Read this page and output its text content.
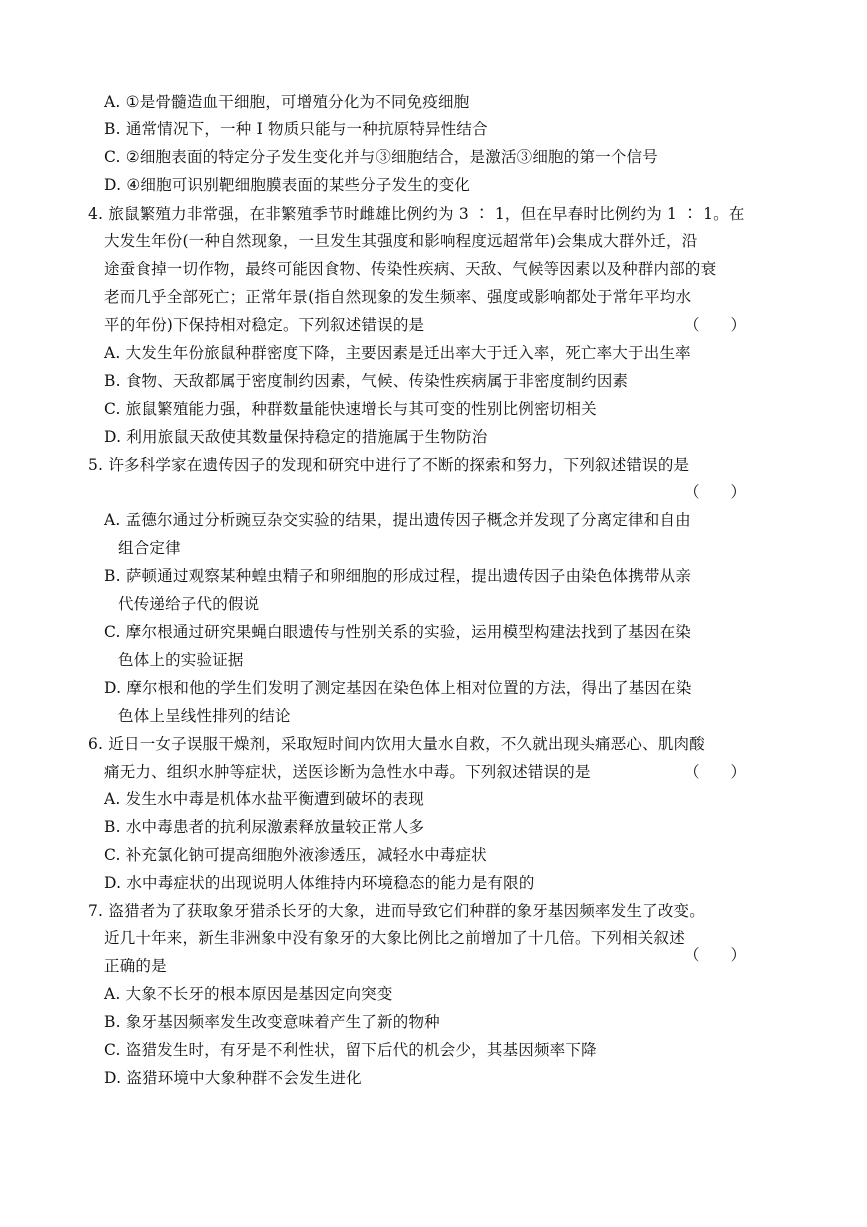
A. ①是骨髓造血干细胞，可增殖分化为不同免疫细胞
B. 通常情况下，一种 I 物质只能与一种抗原特异性结合
C. ②细胞表面的特定分子发生变化并与③细胞结合，是激活③细胞的第一个信号
D. ④细胞可识别靶细胞膜表面的某些分子发生的变化
4. 旅鼠繁殖力非常强，在非繁殖季节时雌雄比例约为 3 ∶ 1，但在早春时比例约为 1 ∶ 1。在
大发生年份(一种自然现象，一旦发生其强度和影响程度远超常年)会集成大群外迁，沿
途蚕食掉一切作物，最终可能因食物、传染性疾病、天敌、气候等因素以及种群内部的衰
老而几乎全部死亡；正常年景(指自然现象的发生频率、强度或影响都处于常年平均水
平的年份)下保持相对稳定。下列叙述错误的是	（　　）
A. 大发生年份旅鼠种群密度下降，主要因素是迁出率大于迁入率，死亡率大于出生率
B. 食物、天敌都属于密度制约因素，气候、传染性疾病属于非密度制约因素
C. 旅鼠繁殖能力强，种群数量能快速增长与其可变的性别比例密切相关
D. 利用旅鼠天敌使其数量保持稳定的措施属于生物防治
5. 许多科学家在遗传因子的发现和研究中进行了不断的探索和努力，下列叙述错误的是
（　　）
A. 孟德尔通过分析豌豆杂交实验的结果，提出遗传因子概念并发现了分离定律和自由
组合定律
B. 萨顿通过观察某种蝗虫精子和卵细胞的形成过程，提出遗传因子由染色体携带从亲
代传递给子代的假说
C. 摩尔根通过研究果蝇白眼遗传与性别关系的实验，运用模型构建法找到了基因在染
色体上的实验证据
D. 摩尔根和他的学生们发明了测定基因在染色体上相对位置的方法，得出了基因在染
色体上呈线性排列的结论
6. 近日一女子误服干燥剂，采取短时间内饮用大量水自救，不久就出现头痛恶心、肌肉酸
痛无力、组织水肿等症状，送医诊断为急性水中毒。下列叙述错误的是	（　　）
A. 发生水中毒是机体水盐平衡遭到破坏的表现
B. 水中毒患者的抗利尿激素释放量较正常人多
C. 补充氯化钠可提高细胞外液渗透压，减轻水中毒症状
D. 水中毒症状的出现说明人体维持内环境稳态的能力是有限的
7. 盗猎者为了获取象牙猎杀长牙的大象，进而导致它们种群的象牙基因频率发生了改变。
近几十年来，新生非洲象中没有象牙的大象比例比之前增加了十几倍。下列相关叙述
正确的是
（　　）
A. 大象不长牙的根本原因是基因定向突变
B. 象牙基因频率发生改变意味着产生了新的物种
C. 盗猎发生时，有牙是不利性状，留下后代的机会少，其基因频率下降
D. 盗猎环境中大象种群不会发生进化
